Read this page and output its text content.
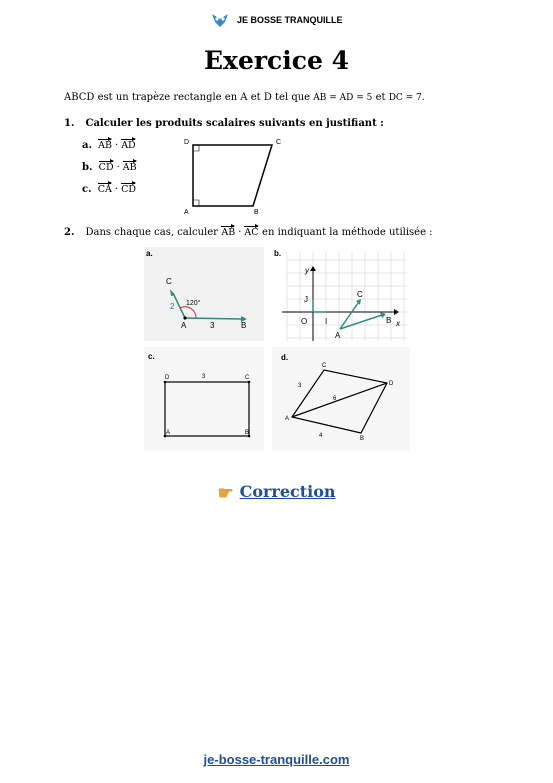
JE BOSSE TRANQUILLE
Exercice 4
ABCD est un trapèze rectangle en A et D tel que AB = AD = 5 et DC = 7.
1. Calculer les produits scalaires suivants en justifiant :
a. AB · AD
b. CD · AB
c. CA · CD
D	C
A	B
2. Dans chaque cas, calculer AB · AC en indiquant la méthode utilisée :
a.
C
A	B
2 120°
3
b.
y
x
J
O I
A
B
C
c.
D	C
A	B
3
d.
C
D
A
B
3
6
4
☛ Correction
je-bosse-tranquille.com
